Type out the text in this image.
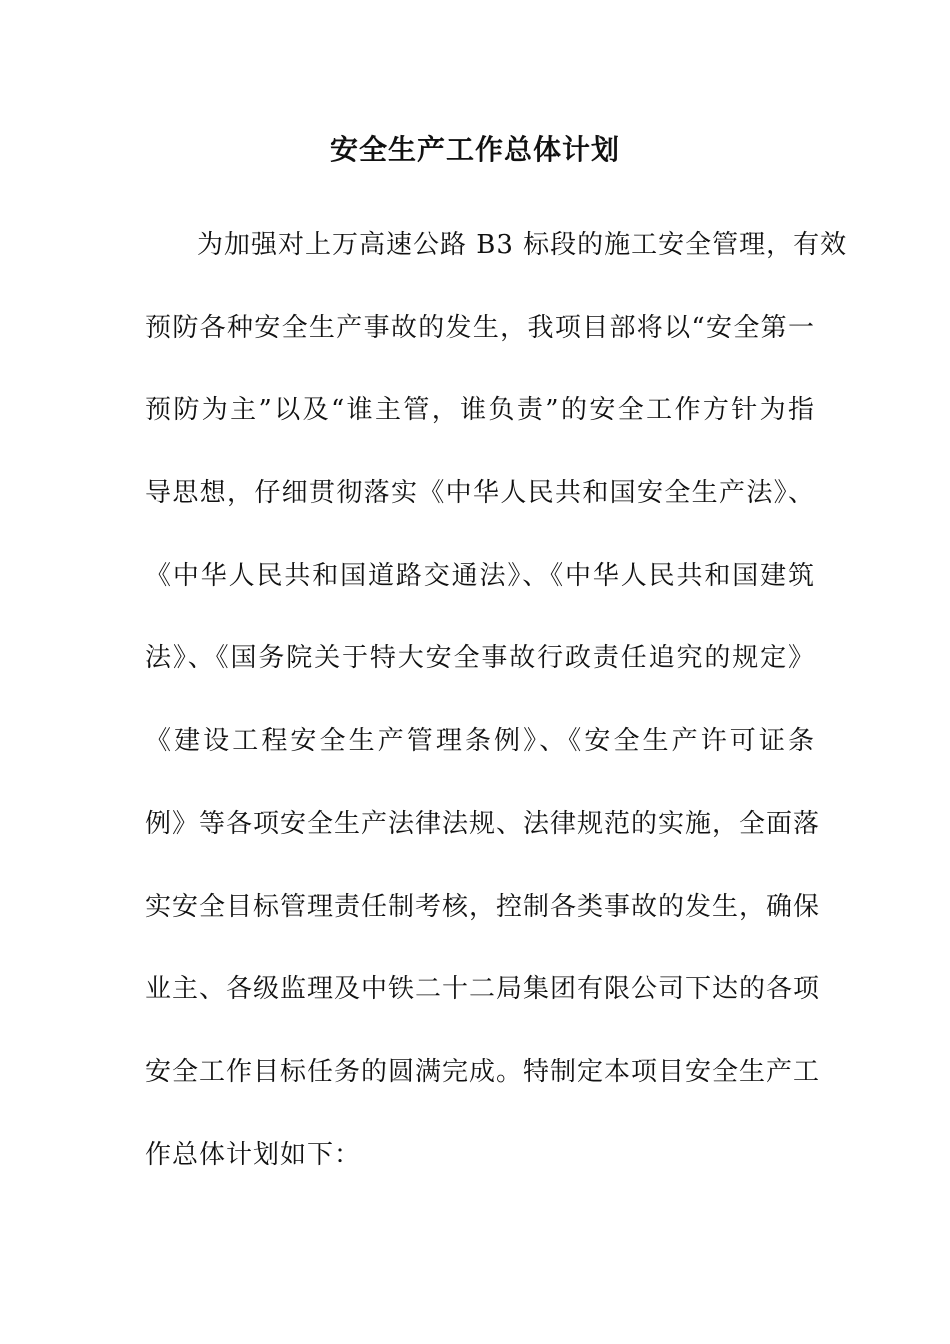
安全生产工作总体计划
为加强对上万高速公路 B3 标段的施工安全管理，有效
预防各种安全生产事故的发生，我项目部将以“安全第一
预防为主”以及“谁主管，谁负责”的安全工作方针为指
导思想，仔细贯彻落实《中华人民共和国安全生产法》、
《中华人民共和国道路交通法》、《中华人民共和国建筑
法》、《国务院关于特大安全事故行政责任追究的规定》
《建设工程安全生产管理条例》、《安全生产许可证条
例》等各项安全生产法律法规、法律规范的实施，全面落
实安全目标管理责任制考核，控制各类事故的发生，确保
业主、各级监理及中铁二十二局集团有限公司下达的各项
安全工作目标任务的圆满完成。特制定本项目安全生产工
作总体计划如下：
